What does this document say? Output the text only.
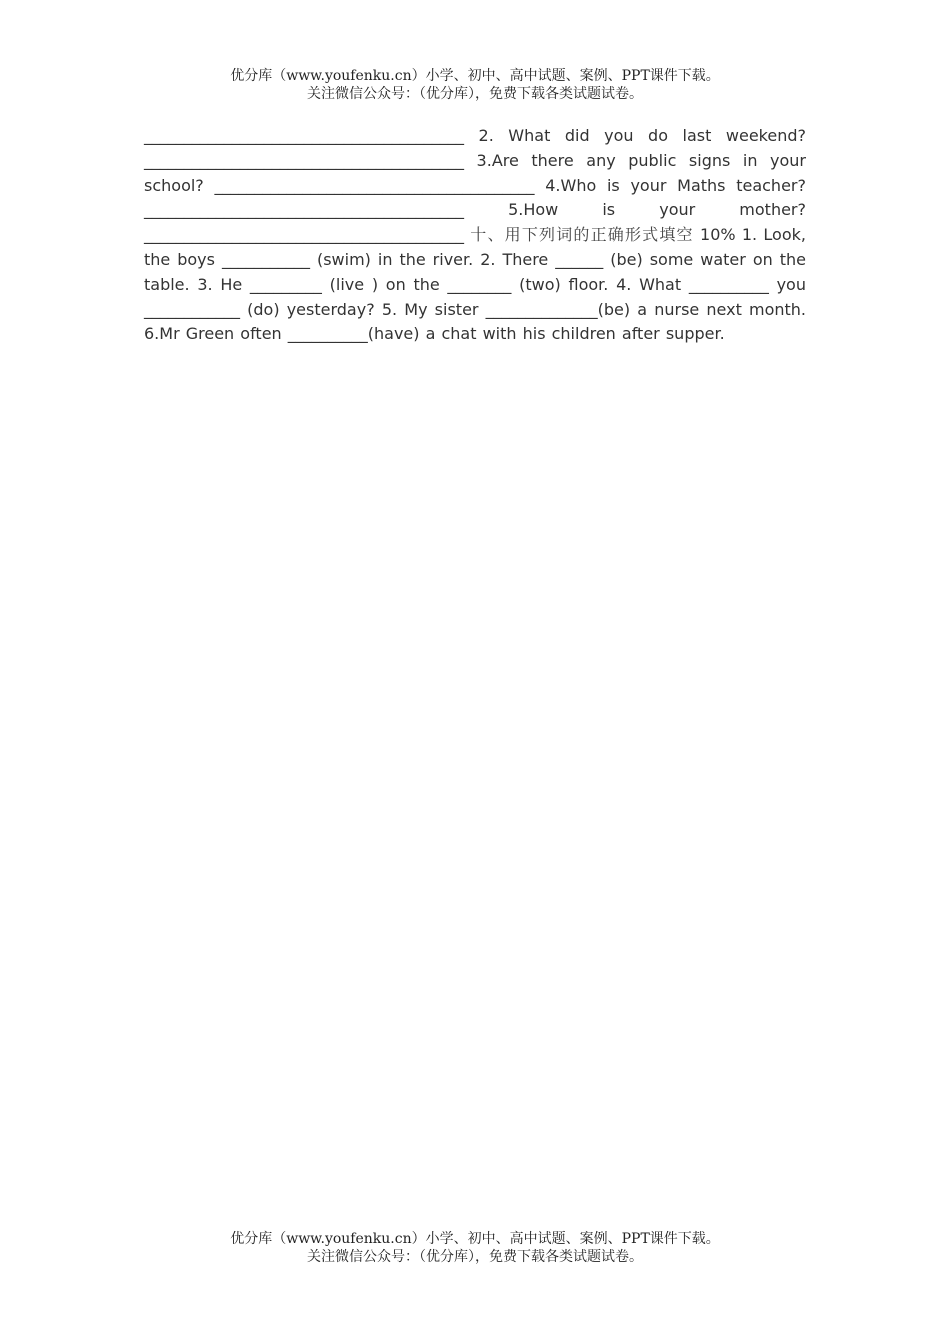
优分库（www.youfenku.cn）小学、初中、高中试题、案例、PPT课件下载。
关注微信公众号：（优分库），免费下载各类试题试卷。
________________________________________ 2. What did you do last weekend? ________________________________________ 3.Are there any public signs in your school? ________________________________________ 4.Who is your Maths teacher? ________________________________________ 5.How is your mother? ________________________________________ 十、用下列词的正确形式填空 10% 1. Look, the boys ___________ (swim) in the river. 2. There ______ (be) some water on the table. 3. He _________ (live ) on the ________ (two) floor. 4. What __________ you ____________ (do) yesterday? 5. My sister ______________(be) a nurse next month. 6.Mr Green often __________(have) a chat with his children after supper.
优分库（www.youfenku.cn）小学、初中、高中试题、案例、PPT课件下载。
关注微信公众号：（优分库），免费下载各类试题试卷。
